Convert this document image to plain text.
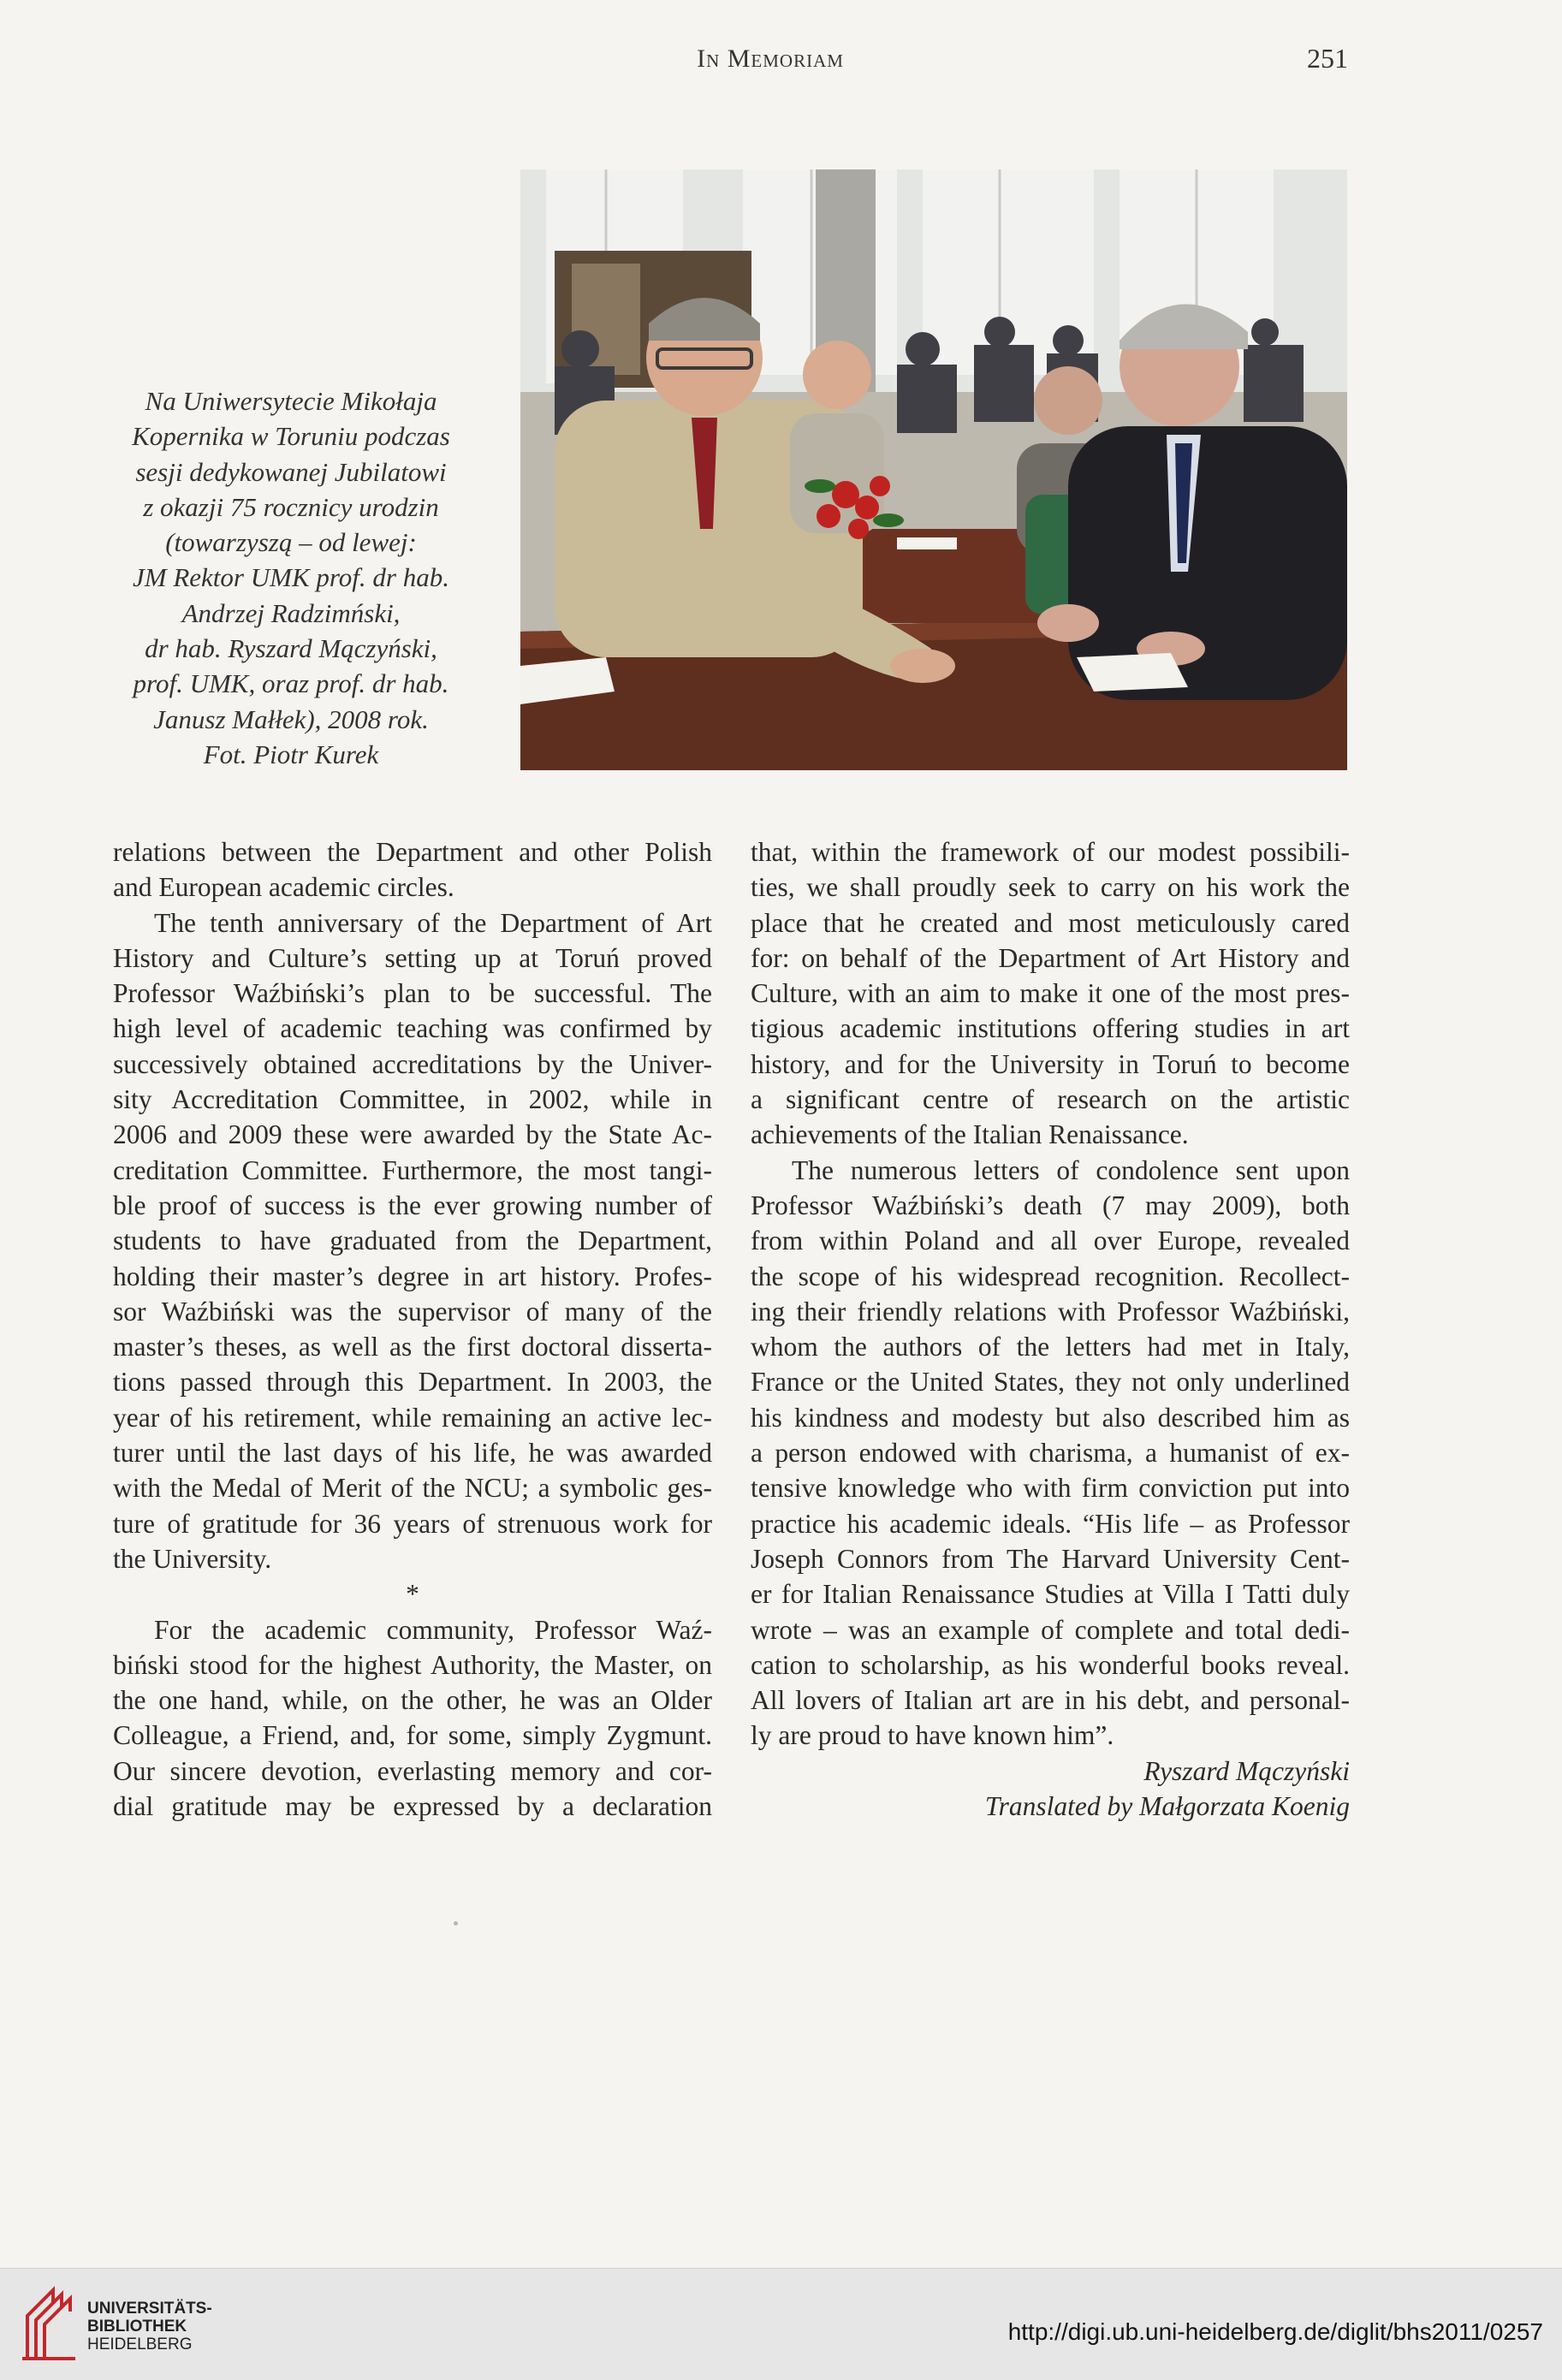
In Memoriam	251
Na Uniwersytecie Mikołaja
Kopernika w Toruniu podczas
sesji dedykowanej Jubilatowi
z okazji 75 rocznicy urodzin
(towarzyszą – od lewej:
JM Rektor UMK prof. dr hab.
Andrzej Radzimński,
dr hab. Ryszard Mączyński,
prof. UMK, oraz prof. dr hab.
Janusz Małłek), 2008 rok.
Fot. Piotr Kurek
relations between the Department and other Polish
and European academic circles.
The tenth anniversary of the Department of Art
History and Culture’s setting up at Toruń proved
Professor Waźbiński’s plan to be successful. The
high level of academic teaching was confirmed by
successively obtained accreditations by the Univer-
sity Accreditation Committee, in 2002, while in
2006 and 2009 these were awarded by the State Ac-
creditation Committee. Furthermore, the most tangi-
ble proof of success is the ever growing number of
students to have graduated from the Department,
holding their master’s degree in art history. Profes-
sor Waźbiński was the supervisor of many of the
master’s theses, as well as the first doctoral disserta-
tions passed through this Department. In 2003, the
year of his retirement, while remaining an active lec-
turer until the last days of his life, he was awarded
with the Medal of Merit of the NCU; a symbolic ges-
ture of gratitude for 36 years of strenuous work for
the University.
*
For the academic community, Professor Waź-
biński stood for the highest Authority, the Master, on
the one hand, while, on the other, he was an Older
Colleague, a Friend, and, for some, simply Zygmunt.
Our sincere devotion, everlasting memory and cor-
dial gratitude may be expressed by a declaration
that, within the framework of our modest possibili-
ties, we shall proudly seek to carry on his work the
place that he created and most meticulously cared
for: on behalf of the Department of Art History and
Culture, with an aim to make it one of the most pres-
tigious academic institutions offering studies in art
history, and for the University in Toruń to become
a significant centre of research on the artistic
achievements of the Italian Renaissance.
The numerous letters of condolence sent upon
Professor Waźbiński’s death (7 may 2009), both
from within Poland and all over Europe, revealed
the scope of his widespread recognition. Recollect-
ing their friendly relations with Professor Waźbiński,
whom the authors of the letters had met in Italy,
France or the United States, they not only underlined
his kindness and modesty but also described him as
a person endowed with charisma, a humanist of ex-
tensive knowledge who with firm conviction put into
practice his academic ideals. “His life – as Professor
Joseph Connors from The Harvard University Cent-
er for Italian Renaissance Studies at Villa I Tatti duly
wrote – was an example of complete and total dedi-
cation to scholarship, as his wonderful books reveal.
All lovers of Italian art are in his debt, and personal-
ly are proud to have known him”.
Ryszard Mączyński
Translated by Małgorzata Koenig
UNIVERSITÄTS-
BIBLIOTHEK
HEIDELBERG	http://digi.ub.uni-heidelberg.de/diglit/bhs2011/0257
